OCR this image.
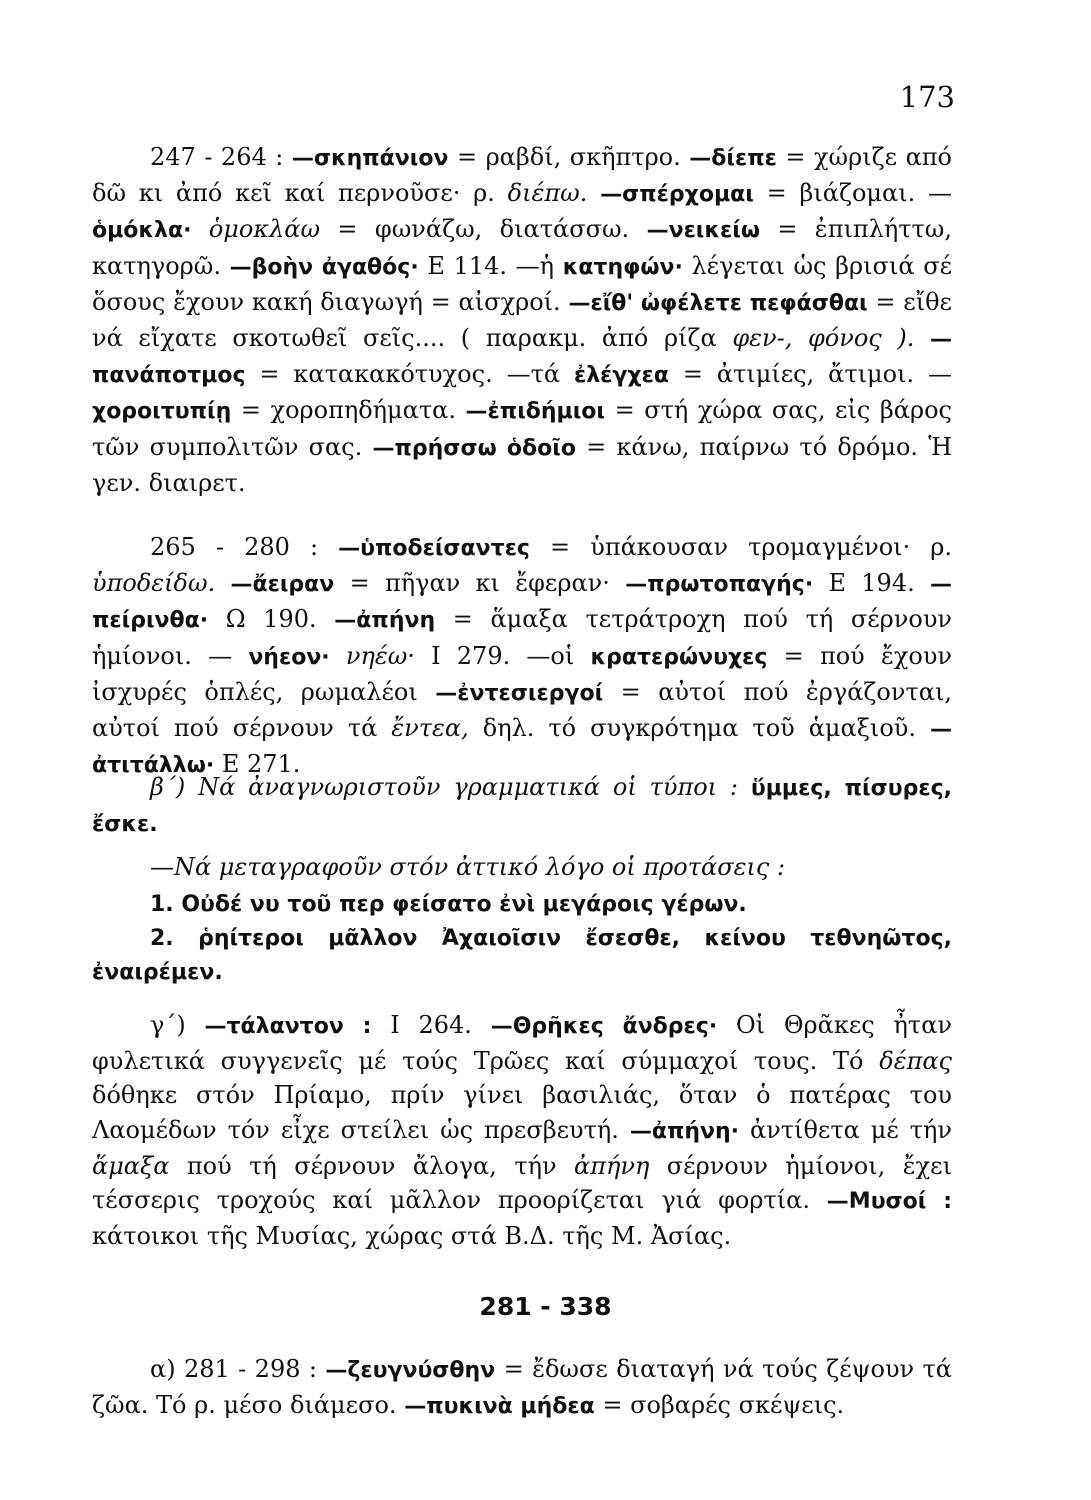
173
247 - 264 : —σκηπάνιον = ραβδί, σκῆπτρο. —δίεπε = χώριζε από δῶ κι ἀπό κεῖ καί περνοῦσε· ρ. διέπω. —σπέρχομαι = βιάζομαι. — ὁμόκλα· ὁμοκλάω = φωνάζω, διατάσσω. —νεικείω = ἐπιπλήττω, κατηγορῶ. —βοὴν ἀγαθός· Ε 114. —ἡ κατηφών· λέγεται ὡς βρισιά σέ ὅσους ἔχουν κακή διαγωγή = αἰσχροί. —εἴθ' ὠφέλετε πεφάσθαι = εἴθε νά εἴχατε σκοτωθεῖ σεῖς.... ( παρακμ. ἀπό ρίζα φεν-, φόνος ). —πανάποτμος = κατακακότυχος. —τά ἐλέγχεα = ἀτιμίες, ἄτιμοι. — χοροιτυπίῃ = χοροπηδήματα. —ἐπιδήμιοι = στή χώρα σας, εἰς βάρος τῶν συμπολιτῶν σας. —πρήσσω ὁδοῖο = κάνω, παίρνω τό δρόμο. Ἡ γεν. διαιρετ.
265 - 280 : —ὑποδείσαντες = ὑπάκουσαν τρομαγμένοι· ρ. ὑποδείδω. —ἄειραν = πῆγαν κι ἔφεραν· —πρωτοπαγής· Ε 194. —πείρινθα· Ω 190. —ἀπήνη = ἅμαξα τετράτροχη πού τή σέρνουν ἡμίονοι. — νήεον· νηέω· Ι 279. —οἱ κρατερώνυχες = πού ἔχουν ἰσχυρές ὁπλές, ρωμαλέοι —ἐντεσιεργοί = αὐτοί πού ἐργάζονται, αὐτοί πού σέρνουν τά ἔντεα, δηλ. τό συγκρότημα τοῦ ἁμαξιοῦ. —ἀτιτάλλω· Ε 271.
β΄) Νά ἀναγνωριστοῦν γραμματικά οἱ τύποι : ὕμμες, πίσυρες, ἔσκε.
—Νά μεταγραφοῦν στόν ἀττικό λόγο οἱ προτάσεις :
1. Οὐδέ νυ τοῦ περ φείσατο ἐνὶ μεγάροις γέρων.
2. ῥηίτεροι μᾶλλον Ἀχαιοῖσιν ἔσεσθε, κείνου τεθνηῶτος, ἐναιρέμεν.
γ΄) —τάλαντον : Ι 264. —Θρῆκες ἄνδρες· Οἱ Θρᾶκες ἦταν φυλετικά συγγενεῖς μέ τούς Τρῶες καί σύμμαχοί τους. Τό δέπας δόθηκε στόν Πρίαμο, πρίν γίνει βασιλιάς, ὅταν ὁ πατέρας του Λαομέδων τόν εἶχε στείλει ὡς πρεσβευτή. —ἀπήνη· ἀντίθετα μέ τήν ἅμαξα πού τή σέρνουν ἄλογα, τήν ἀπήνη σέρνουν ἡμίονοι, ἔχει τέσσερις τροχούς καί μᾶλλον προορίζεται γιά φορτία. —Μυσοί : κάτοικοι τῆς Μυσίας, χώρας στά Β.Δ. τῆς Μ. Ἀσίας.
281 - 338
α) 281 - 298 : —ζευγνύσθην = ἔδωσε διαταγή νά τούς ζέψουν τά ζῶα. Τό ρ. μέσο διάμεσο. —πυκινὰ μήδεα = σοβαρές σκέψεις.
